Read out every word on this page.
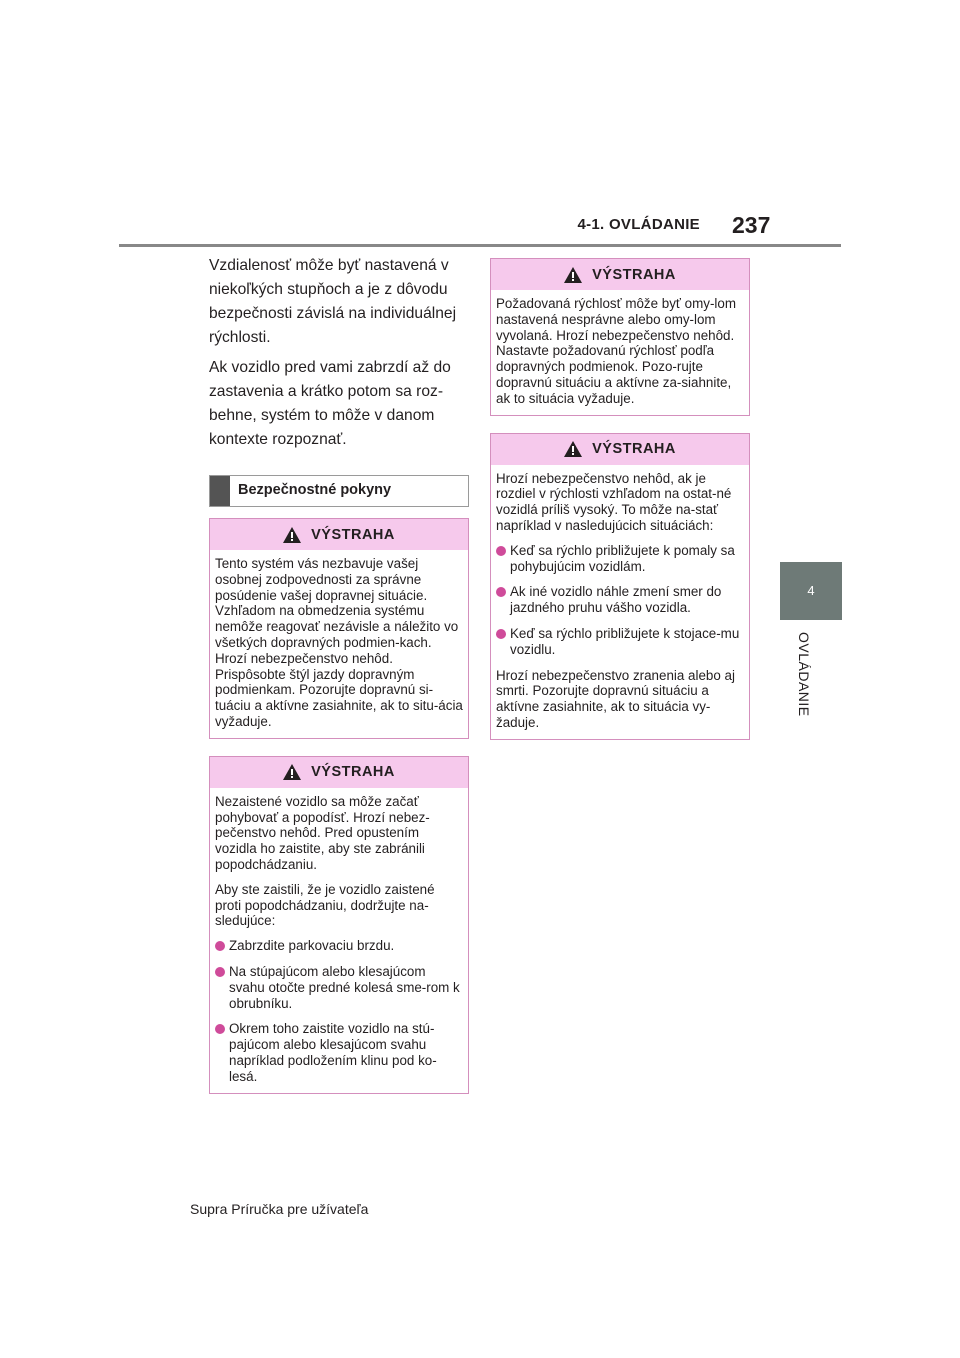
4-1. OVLÁDANIE 237
4
OVLÁDANIE

Vzdialenosť môže byť nastavená v niekoľkých stupňoch a je z dôvodu bezpečnosti závislá na individuálnej rýchlosti.

Ak vozidlo pred vami zabrzdí až do zastavenia a krátko potom sa roz-behne, systém to môže v danom kontexte rozpoznať.

Bezpečnostné pokyny
VÝSTRAHA

Tento systém vás nezbavuje vašej osobnej zodpovednosti za správne posúdenie vašej dopravnej situácie. Vzhľadom na obmedzenia systému nemôže reagovať nezávisle a náležito vo všetkých dopravných podmien-kach. Hrozí nebezpečenstvo nehôd. Prispôsobte štýl jazdy dopravným podmienkam. Pozorujte dopravnú si-tuáciu a aktívne zasiahnite, ak to situ-ácia vyžaduje.

VÝSTRAHA

Nezaistené vozidlo sa môže začať pohybovať a popodísť. Hrozí nebez-pečenstvo nehôd. Pred opustením vozidla ho zaistite, aby ste zabránili popodchádzaniu.

Aby ste zaistili, že je vozidlo zaistené proti popodchádzaniu, dodržujte na-sledujúce:

Zabrzdite parkovaciu brzdu.
Na stúpajúcom alebo klesajúcom svahu otočte predné kolesá sme-rom k obrubníku.
Okrem toho zaistite vozidlo na stú-pajúcom alebo klesajúcom svahu napríklad podložením klinu pod ko-lesá.
VÝSTRAHA

Požadovaná rýchlosť môže byť omy-lom nastavená nesprávne alebo omy-lom vyvolaná. Hrozí nebezpečenstvo nehôd. Nastavte požadovanú rýchlosť podľa dopravných podmienok. Pozo-rujte dopravnú situáciu a aktívne za-siahnite, ak to situácia vyžaduje.

VÝSTRAHA

Hrozí nebezpečenstvo nehôd, ak je rozdiel v rýchlosti vzhľadom na ostat-né vozidlá príliš vysoký. To môže na-stať napríklad v nasledujúcich situáciách:

Keď sa rýchlo približujete k pomaly sa pohybujúcim vozidlám.
Ak iné vozidlo náhle zmení smer do jazdného pruhu vášho vozidla.
Keď sa rýchlo približujete k stojace-mu vozidlu.

Hrozí nebezpečenstvo zranenia alebo aj smrti. Pozorujte dopravnú situáciu a aktívne zasiahnite, ak to situácia vy-žaduje.

Supra Príručka pre užívateľa
